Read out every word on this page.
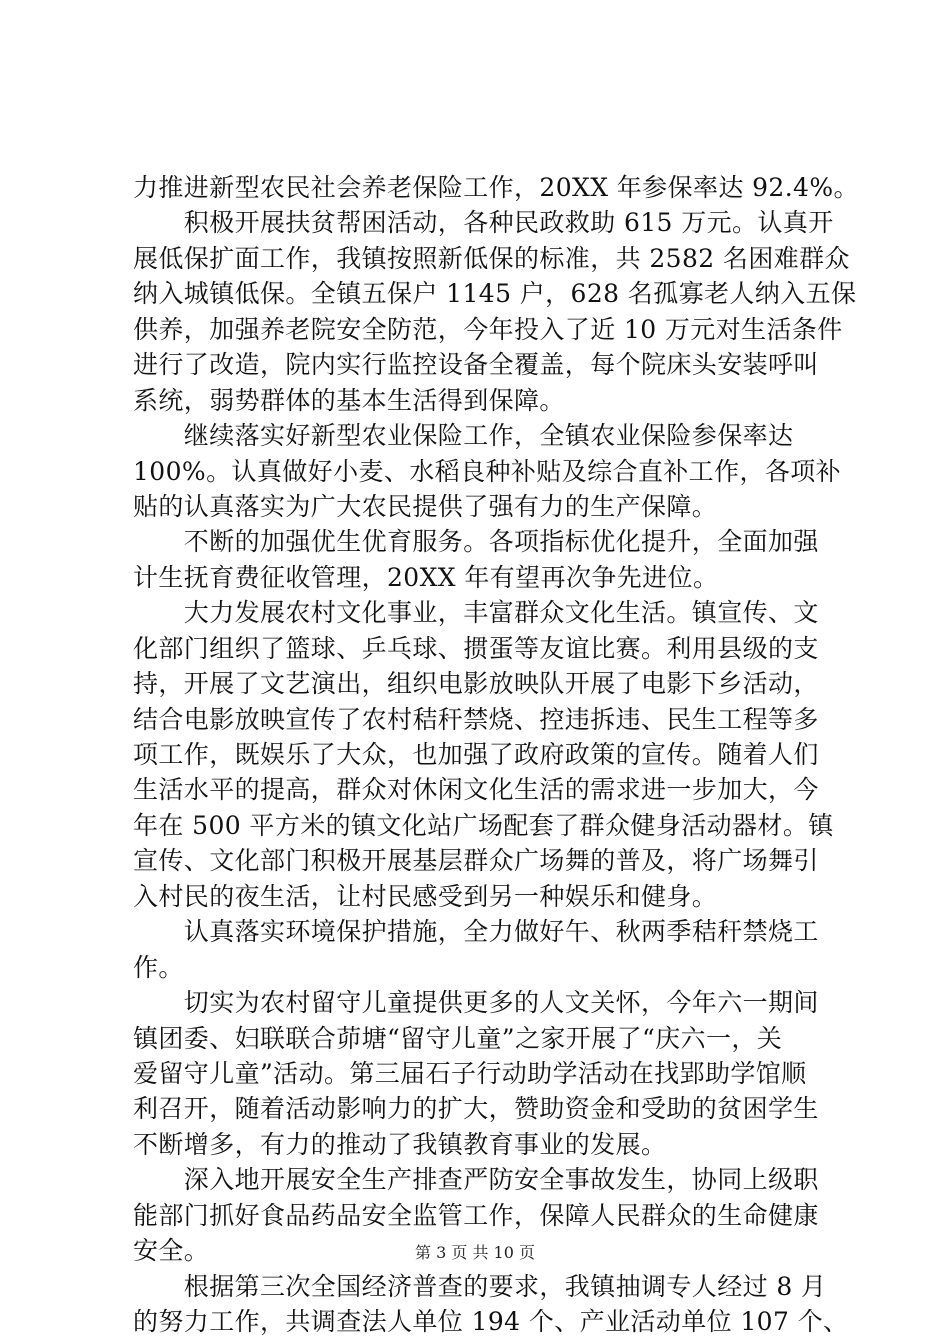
力推进新型农民社会养老保险工作，20XX 年参保率达 92.4%。
　　积极开展扶贫帮困活动，各种民政救助 615 万元。认真开
展低保扩面工作，我镇按照新低保的标准，共 2582 名困难群众
纳入城镇低保。全镇五保户 1145 户，628 名孤寡老人纳入五保
供养，加强养老院安全防范，今年投入了近 10 万元对生活条件
进行了改造，院内实行监控设备全覆盖，每个院床头安装呼叫
系统，弱势群体的基本生活得到保障。
　　继续落实好新型农业保险工作，全镇农业保险参保率达
100%。认真做好小麦、水稻良种补贴及综合直补工作，各项补
贴的认真落实为广大农民提供了强有力的生产保障。
　　不断的加强优生优育服务。各项指标优化提升，全面加强
计生抚育费征收管理，20XX 年有望再次争先进位。
　　大力发展农村文化事业，丰富群众文化生活。镇宣传、文
化部门组织了篮球、乒乓球、掼蛋等友谊比赛。利用县级的支
持，开展了文艺演出，组织电影放映队开展了电影下乡活动，
结合电影放映宣传了农村秸秆禁烧、控违拆违、民生工程等多
项工作，既娱乐了大众，也加强了政府政策的宣传。随着人们
生活水平的提高，群众对休闲文化生活的需求进一步加大，今
年在 500 平方米的镇文化站广场配套了群众健身活动器材。镇
宣传、文化部门积极开展基层群众广场舞的普及，将广场舞引
入村民的夜生活，让村民感受到另一种娱乐和健身。
　　认真落实环境保护措施，全力做好午、秋两季秸秆禁烧工
作。
　　切实为农村留守儿童提供更多的人文关怀，今年六一期间
镇团委、妇联联合茆塘“留守儿童”之家开展了“庆六一，关
爱留守儿童”活动。第三届石子行动助学活动在找郢助学馆顺
利召开，随着活动影响力的扩大，赞助资金和受助的贫困学生
不断增多，有力的推动了我镇教育事业的发展。
　　深入地开展安全生产排查严防安全事故发生，协同上级职
能部门抓好食品药品安全监管工作，保障人民群众的生命健康
安全。
　　根据第三次全国经济普查的要求，我镇抽调专人经过 8 月
的努力工作，共调查法人单位 194 个、产业活动单位 107 个、
第 3 页 共 10 页
